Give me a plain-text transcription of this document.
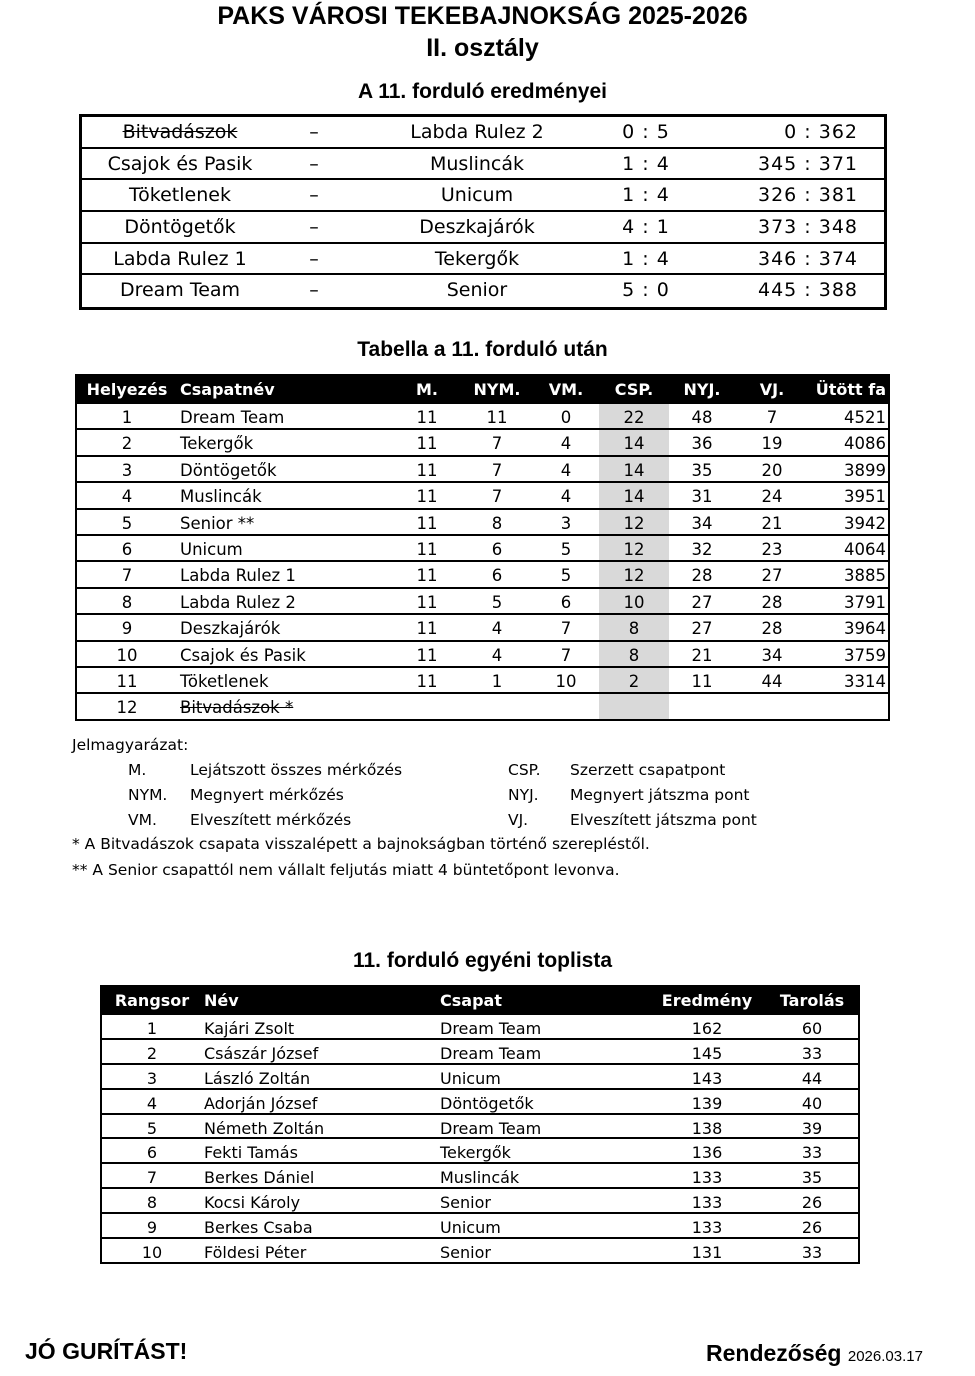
PAKS VÁROSI TEKEBAJNOKSÁG 2025-2026
II. osztály
A 11. forduló eredményei
Bitvadászok	–	Labda Rulez 2	0 : 5	0 : 362
Csajok és Pasik	–	Muslincák	1 : 4	345 : 371
Töketlenek	–	Unicum	1 : 4	326 : 381
Döntögetők	–	Deszkajárók	4 : 1	373 : 348
Labda Rulez 1	–	Tekergők	1 : 4	346 : 374
Dream Team	–	Senior	5 : 0	445 : 388
Tabella a 11. forduló után
Helyezés Csapatnév	M.	NYM.	VM.	CSP.	NYJ.	VJ.	Ütött fa
1	Dream Team	11	11	0	22	48	7	4521
2	Tekergők	11	7	4	14	36	19	4086
3	Döntögetők	11	7	4	14	35	20	3899
4	Muslincák	11	7	4	14	31	24	3951
5	Senior **	11	8	3	12	34	21	3942
6	Unicum	11	6	5	12	32	23	4064
7	Labda Rulez 1	11	6	5	12	28	27	3885
8	Labda Rulez 2	11	5	6	10	27	28	3791
9	Deszkajárók	11	4	7	8	27	28	3964
10	Csajok és Pasik	11	4	7	8	21	34	3759
11	Töketlenek	11	1	10	2	11	44	3314
12	Bitvadászok *
Jelmagyarázat:
M.	Lejátszott összes mérkőzés
NYM. Megnyert mérkőzés
VM. Elveszített mérkőzés
CSP. Szerzett csapatpont
NYJ. Megnyert játszma pont
VJ.	Elveszített játszma pont
* A Bitvadászok csapata visszalépett a bajnokságban történő szerepléstől.
** A Senior csapattól nem vállalt feljutás miatt 4 büntetőpont levonva.
11. forduló egyéni toplista
Rangsor Név	Csapat	Eredmény	Tarolás
1	Kajári Zsolt	Dream Team	162	60
2	Császár József	Dream Team	145	33
3	László Zoltán	Unicum	143	44
4	Adorján József	Döntögetők	139	40
5	Németh Zoltán	Dream Team	138	39
6	Fekti Tamás	Tekergők	136	33
7	Berkes Dániel	Muslincák	133	35
8	Kocsi Károly	Senior	133	26
9	Berkes Csaba	Unicum	133	26
10	Földesi Péter	Senior	131	33
JÓ GURÍTÁST!	Rendezőség 2026.03.17
